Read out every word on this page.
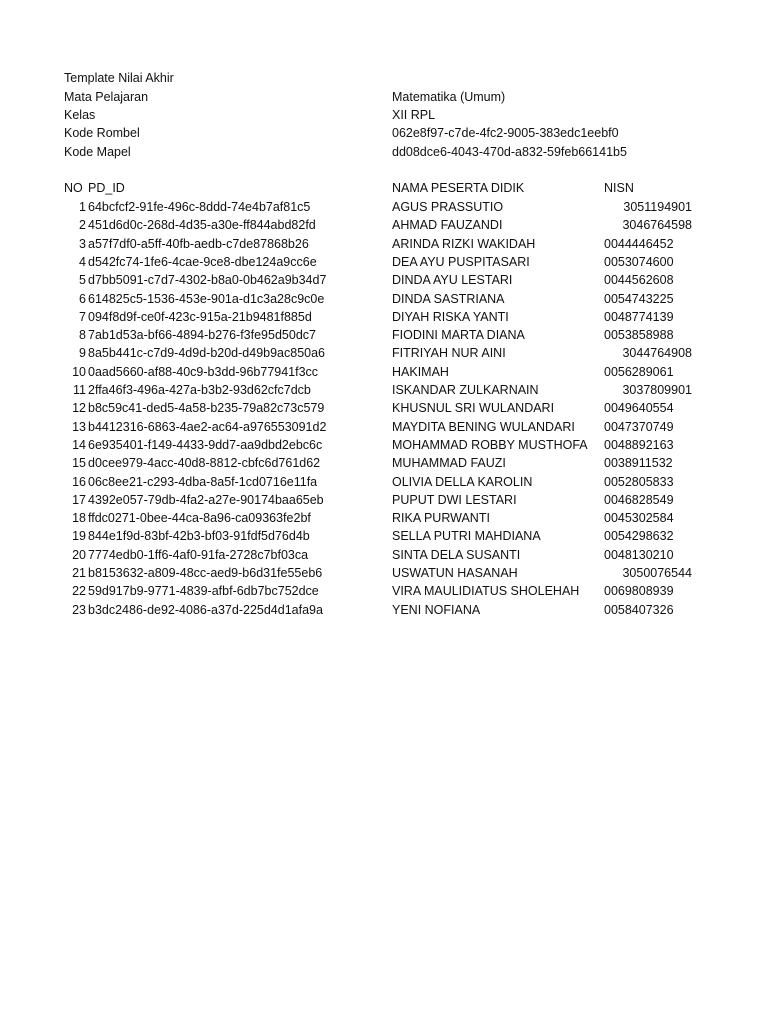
Template Nilai Akhir
Mata Pelajaran	Matematika (Umum)
Kelas	XII RPL
Kode Rombel	062e8f97-c7de-4fc2-9005-383edc1eebf0
Kode Mapel	dd08dce6-4043-470d-a832-59feb66141b5
NO PD_ID	NAMA PESERTA DIDIK	NISN
1 64bcfcf2-91fe-496c-8ddd-74e4b7af81c5	AGUS PRASSUTIO	3051194901
2 451d6d0c-268d-4d35-a30e-ff844abd82fd	AHMAD FAUZANDI	3046764598
3 a57f7df0-a5ff-40fb-aedb-c7de87868b26	ARINDA RIZKI WAKIDAH	0044446452
4 d542fc74-1fe6-4cae-9ce8-dbe124a9cc6e	DEA AYU PUSPITASARI	0053074600
5 d7bb5091-c7d7-4302-b8a0-0b462a9b34d7	DINDA AYU LESTARI	0044562608
6 614825c5-1536-453e-901a-d1c3a28c9c0e	DINDA SASTRIANA	0054743225
7 094f8d9f-ce0f-423c-915a-21b9481f885d	DIYAH RISKA YANTI	0048774139
8 7ab1d53a-bf66-4894-b276-f3fe95d50dc7	FIODINI MARTA DIANA	0053858988
9 8a5b441c-c7d9-4d9d-b20d-d49b9ac850a6	FITRIYAH NUR AINI	3044764908
10 0aad5660-af88-40c9-b3dd-96b77941f3cc	HAKIMAH	0056289061
11 2ffa46f3-496a-427a-b3b2-93d62cfc7dcb	ISKANDAR ZULKARNAIN	3037809901
12 b8c59c41-ded5-4a58-b235-79a82c73c579	KHUSNUL SRI WULANDARI	0049640554
13 b4412316-6863-4ae2-ac64-a976553091d2	MAYDITA BENING WULANDARI 0047370749
14 6e935401-f149-4433-9dd7-aa9dbd2ebc6c	MOHAMMAD ROBBY MUSTHOFA 0048892163
15 d0cee979-4acc-40d8-8812-cbfc6d761d62	MUHAMMAD FAUZI	0038911532
16 06c8ee21-c293-4dba-8a5f-1cd0716e11fa	OLIVIA DELLA KAROLIN	0052805833
17 4392e057-79db-4fa2-a27e-90174baa65eb	PUPUT DWI LESTARI	0046828549
18 ffdc0271-0bee-44ca-8a96-ca09363fe2bf	RIKA PURWANTI	0045302584
19 844e1f9d-83bf-42b3-bf03-91fdf5d76d4b	SELLA PUTRI MAHDIANA	0054298632
20 7774edb0-1ff6-4af0-91fa-2728c7bf03ca	SINTA DELA SUSANTI	0048130210
21 b8153632-a809-48cc-aed9-b6d31fe55eb6	USWATUN HASANAH	3050076544
22 59d917b9-9771-4839-afbf-6db7bc752dce	VIRA MAULIDIATUS SHOLEHAH 0069808939
23 b3dc2486-de92-4086-a37d-225d4d1afa9a	YENI NOFIANA	0058407326
